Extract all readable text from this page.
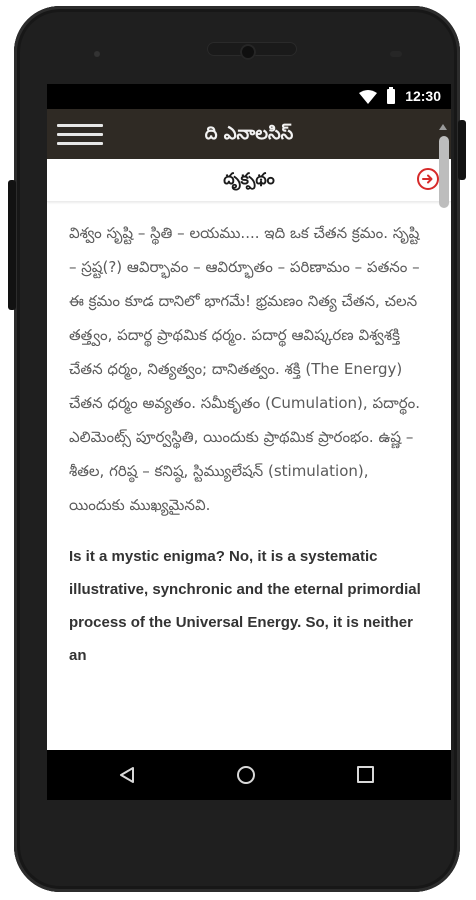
12:30
ది ఎనాలసిస్
దృక్పథం
విశ్వం సృష్టి – స్థితి – లయము.... ఇది ఒక చేతన క్రమం. సృష్టి – స్రష్ట(?) ఆవిర్భావం – ఆవిర్భూతం – పరిణామం – పతనం – ఈ క్రమం కూడ దానిలో భాగమే! భ్రమణం నిత్య చేతన, చలన తత్త్వం, పదార్థ ప్రాథమిక ధర్మం. పదార్థ ఆవిష్కరణ విశ్వశక్తి చేతన ధర్మం, నిత్యత్వం; దానితత్వం. శక్తి (The Energy) చేతన ధర్మం అవ్యతం. సమీకృతం (Cumulation), పదార్థం. ఎలిమెంట్స్ పూర్వస్థితి, యిందుకు ప్రాథమిక ప్రారంభం. ఉష్ణ – శీతల, గరిష్ఠ – కనిష్ఠ, స్టిమ్యులేషన్ (stimulation), యిందుకు ముఖ్యమైనవి.
Is it a mystic enigma? No, it is a systematic illustrative, synchronic and the eternal primordial process of the Universal Energy. So, it is neither an
